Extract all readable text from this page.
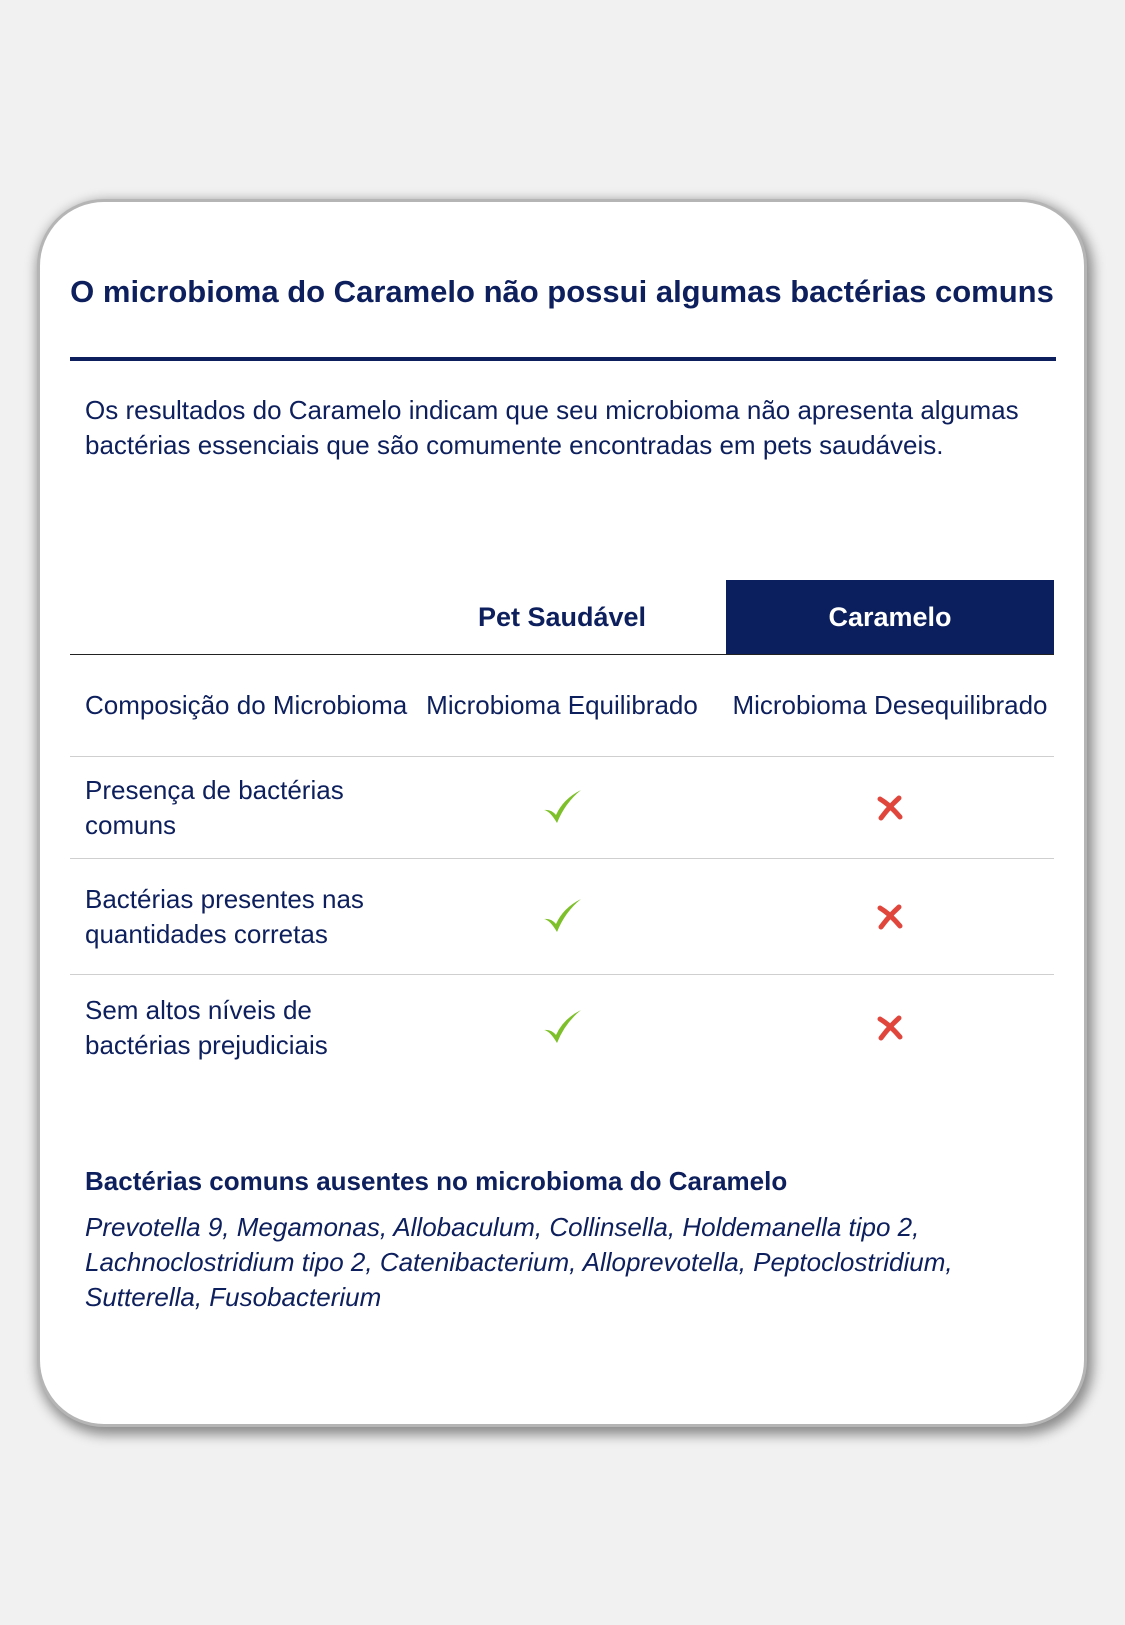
O microbioma do Caramelo não possui algumas bactérias comuns

Os resultados do Caramelo indicam que seu microbioma não apresenta algumas bactérias essenciais que são comumente encontradas em pets saudáveis.

Pet Saudável	Caramelo
Composição do Microbioma Microbioma Equilibrado	Microbioma Desequilibrado
Presença de bactérias comuns
Bactérias presentes nas quantidades corretas
Sem altos níveis de bactérias prejudiciais
Bactérias comuns ausentes no microbioma do Caramelo

Prevotella 9, Megamonas, Allobaculum, Collinsella, Holdemanella tipo 2, Lachnoclostridium tipo 2, Catenibacterium, Alloprevotella, Peptoclostridium, Sutterella, Fusobacterium
